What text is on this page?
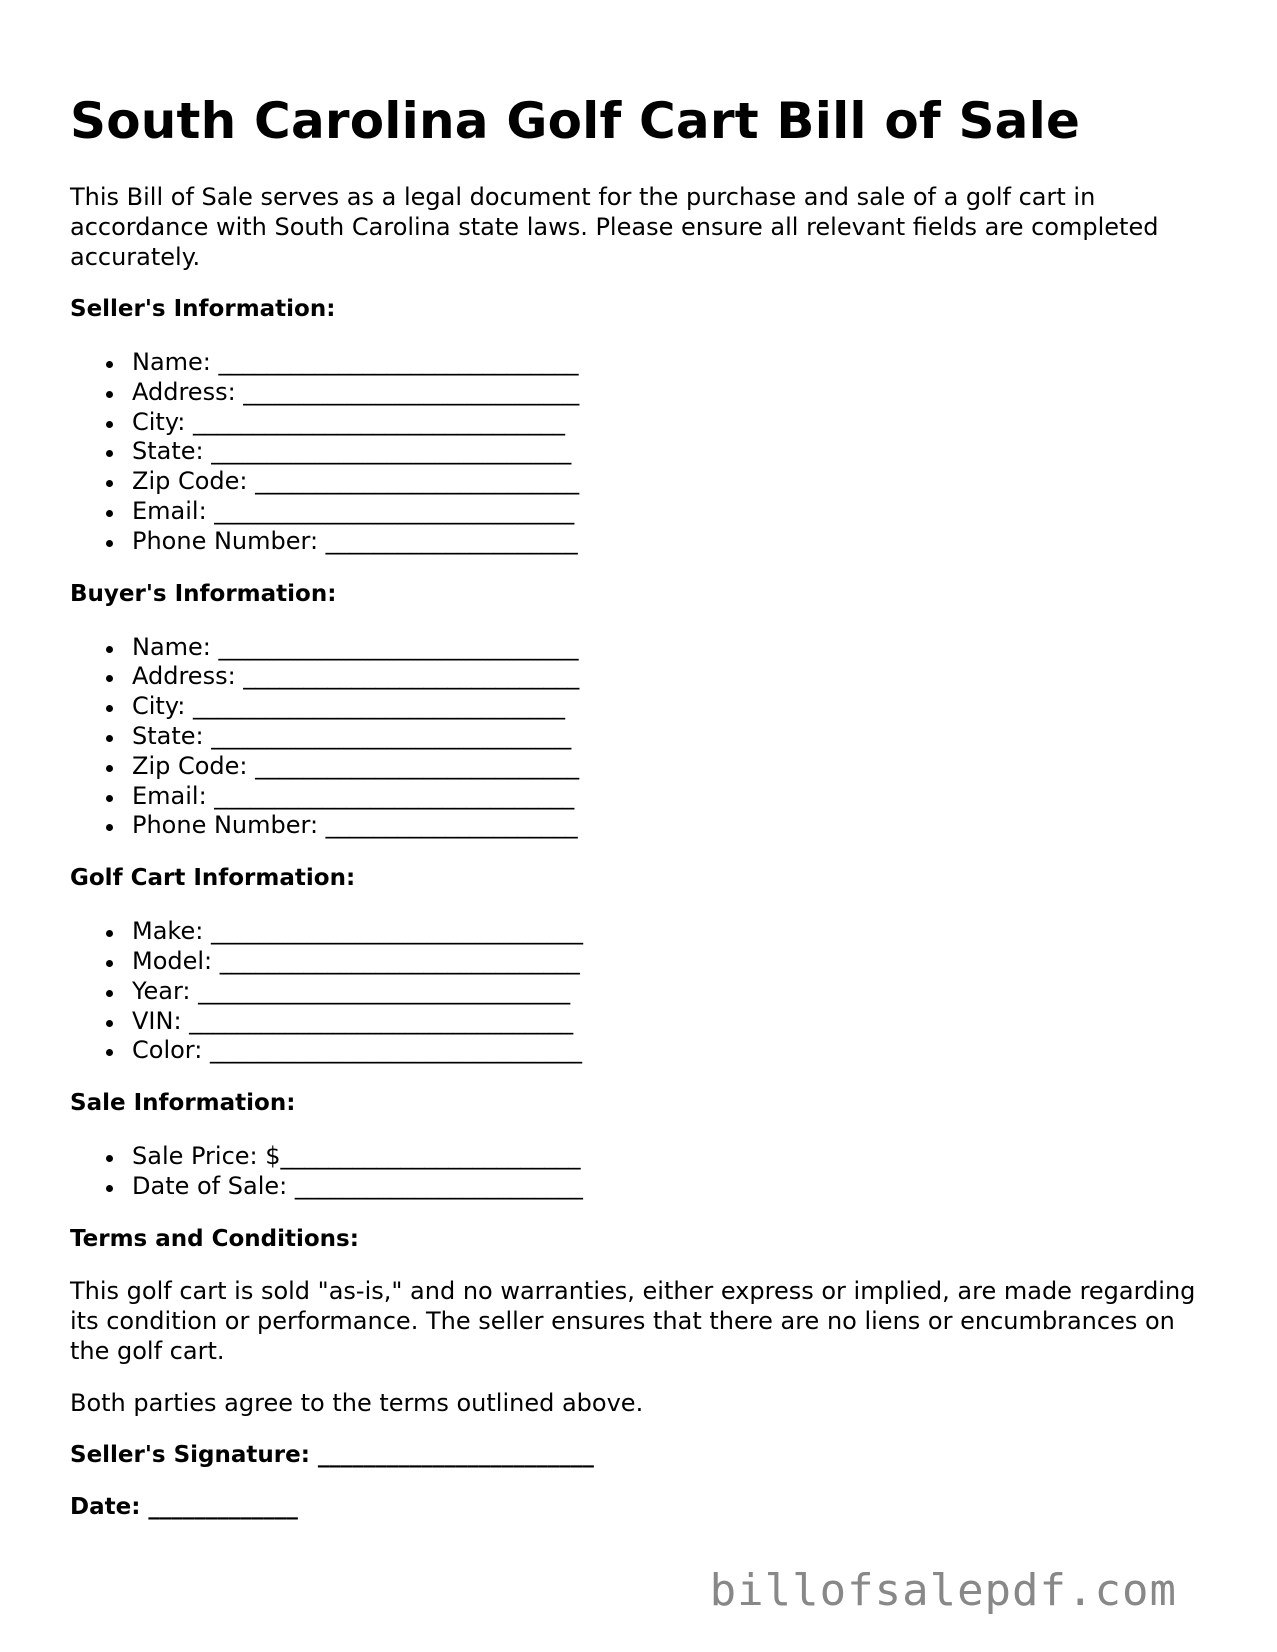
South Carolina Golf Cart Bill of Sale
This Bill of Sale serves as a legal document for the purchase and sale of a golf cart in accordance with South Carolina state laws. Please ensure all relevant fields are completed accurately.
Seller's Information:
Name: ______________________________
Address: ____________________________
City: _______________________________
State: ______________________________
Zip Code: ___________________________
Email: ______________________________
Phone Number: _____________________
Buyer's Information:
Name: ______________________________
Address: ____________________________
City: _______________________________
State: ______________________________
Zip Code: ___________________________
Email: ______________________________
Phone Number: _____________________
Golf Cart Information:
Make: _______________________________
Model: ______________________________
Year: _______________________________
VIN: ________________________________
Color: _______________________________
Sale Information:
Sale Price: $_________________________
Date of Sale: ________________________
Terms and Conditions:
This golf cart is sold "as-is," and no warranties, either express or implied, are made regarding its condition or performance. The seller ensures that there are no liens or encumbrances on the golf cart.
Both parties agree to the terms outlined above.
Seller's Signature: ________________________
Date: _____________
billofsalepdf.com
